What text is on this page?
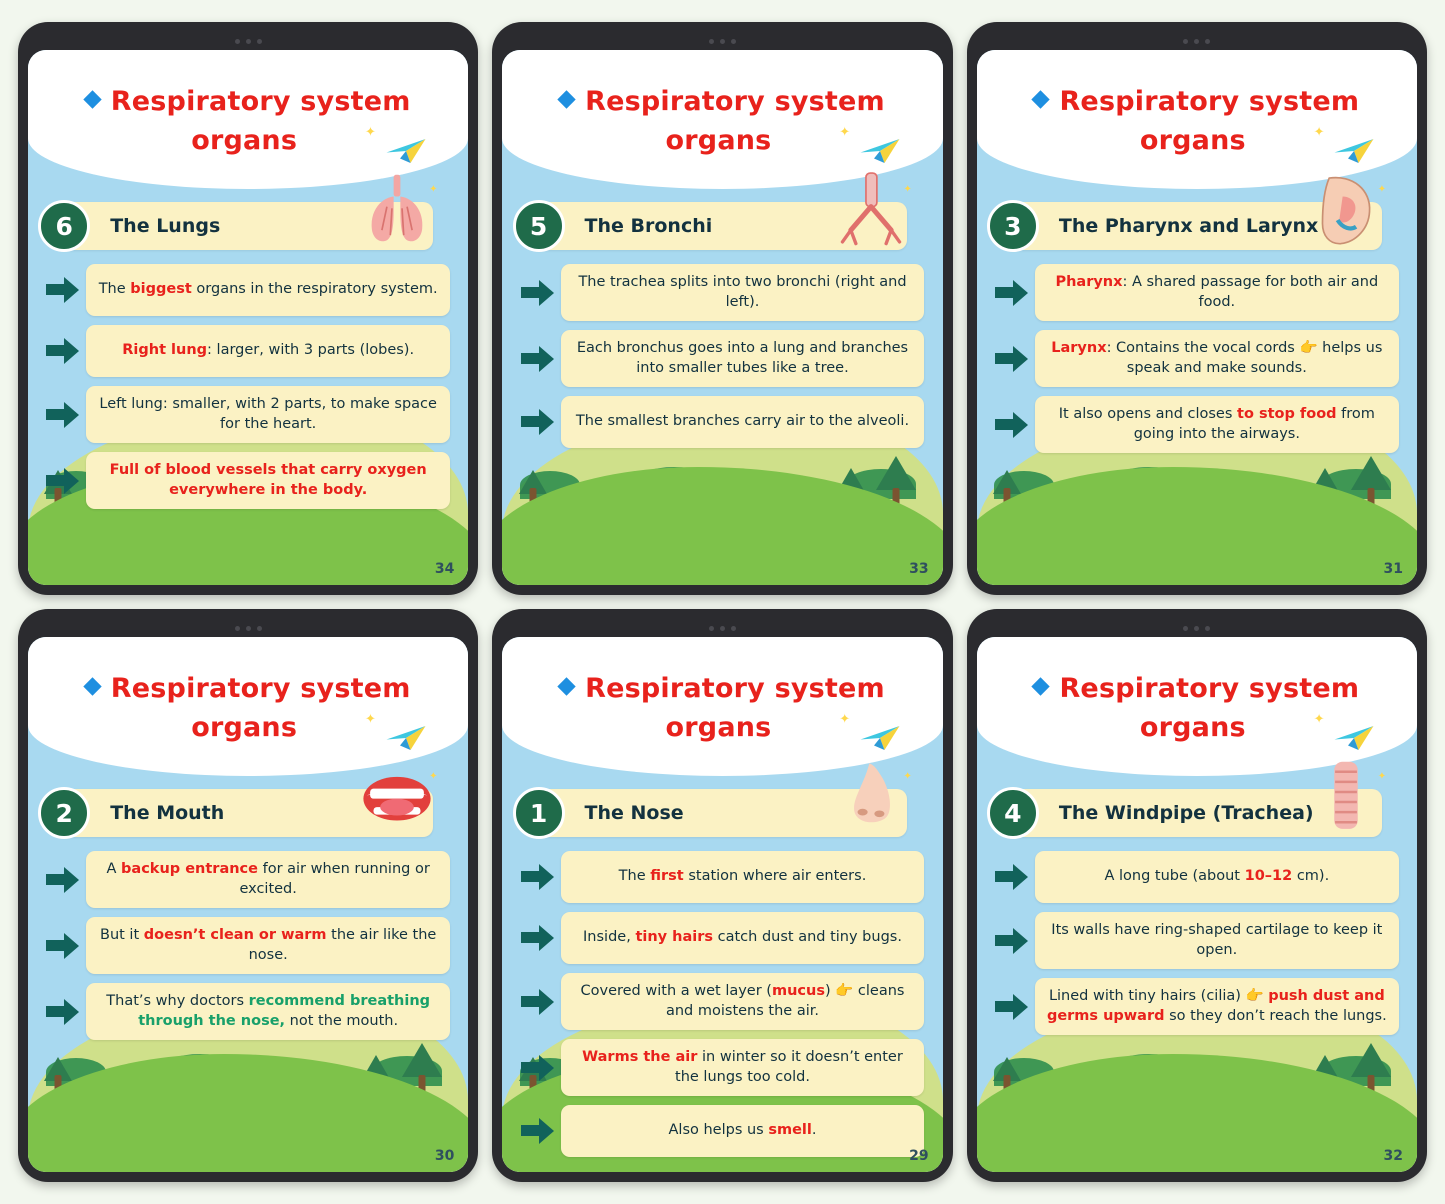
Respiratory system
organs	✦
✦
6	The Lungs
The biggest organs in the respiratory system.
Right lung: larger, with 3 parts (lobes).
Left lung: smaller, with 2 parts, to make space for the heart.
Full of blood vessels that carry oxygen everywhere in the body.
34
Respiratory system
organs	✦
✦
5	The Bronchi
The trachea splits into two bronchi (right and left).
Each bronchus goes into a lung and branches into smaller tubes like a tree.
The smallest branches carry air to the alveoli.
33
Respiratory system
organs	✦
✦
3	The Pharynx and Larynx
Pharynx: A shared passage for both air and food.
Larynx: Contains the vocal cords 👉 helps us speak and make sounds.
It also opens and closes to stop food from going into the airways.
31
Respiratory system
organs	✦
✦
2	The Mouth
A backup entrance for air when running or excited.
But it doesn’t clean or warm the air like the nose.
That’s why doctors recommend breathing through the nose, not the mouth.
30
Respiratory system
organs	✦
✦
1	The Nose
The first station where air enters.
Inside, tiny hairs catch dust and tiny bugs.
Covered with a wet layer (mucus) 👉 cleans and moistens the air.
Warms the air in winter so it doesn’t enter the lungs too cold.
Also helps us smell.
29
Respiratory system
organs	✦
✦
4	The Windpipe (Trachea)
A long tube (about 10–12 cm).
Its walls have ring-shaped cartilage to keep it open.
Lined with tiny hairs (cilia) 👉 push dust and germs upward so they don’t reach the lungs.
32
